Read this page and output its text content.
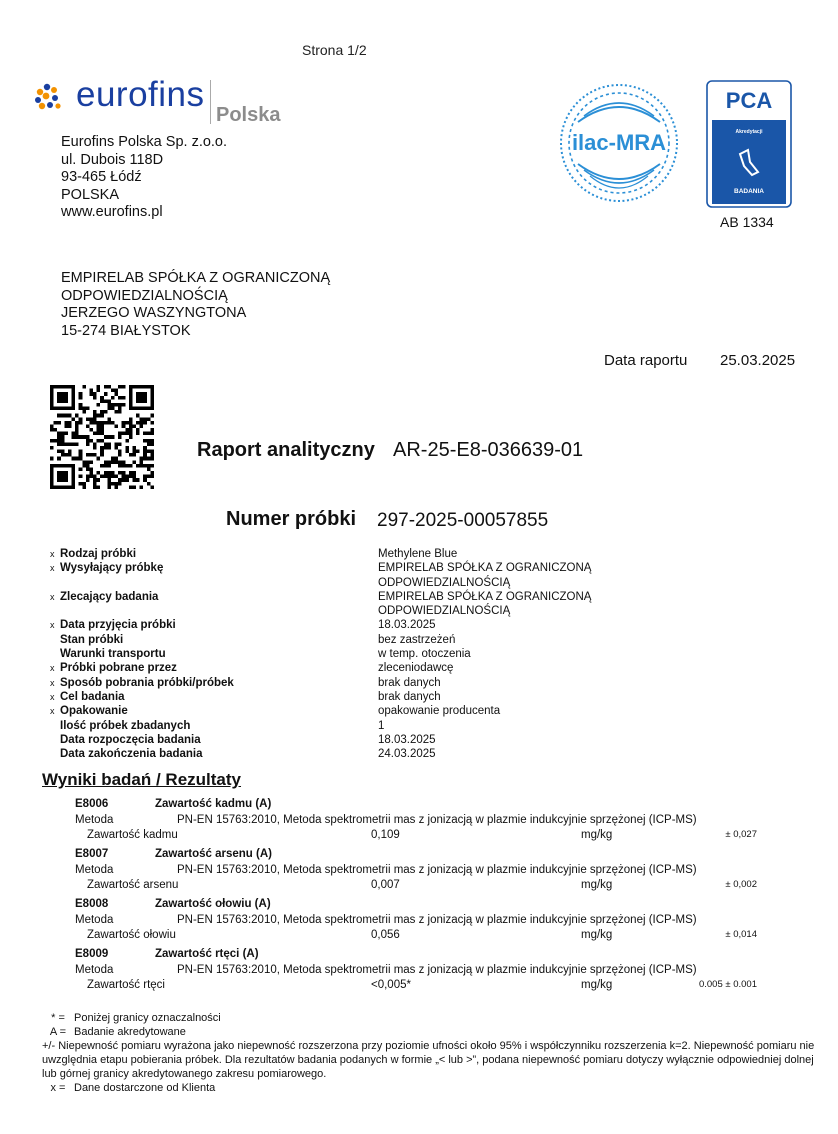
Strona 1/2
eurofins
Polska
Eurofins Polska Sp. z.o.o.
ul. Dubois 118D
93-465 Łódź
POLSKA
www.eurofins.pl
ilac-MRA
PCA
Polskie Centrum
Akredytacji
BADANIA
AB 1334
EMPIRELAB SPÓŁKA Z OGRANICZONĄ
ODPOWIEDZIALNOŚCIĄ
JERZEGO WASZYNGTONA
15-274 BIAŁYSTOK
Data raportu 25.03.2025
Raport analityczny AR-25-E8-036639-01
Numer próbki 297-2025-00057855
x Rodzaj próbki	Methylene Blue
x Wysyłający próbkę	EMPIRELAB SPÓŁKA Z OGRANICZONĄ
ODPOWIEDZIALNOŚCIĄ
x Zlecający badania	EMPIRELAB SPÓŁKA Z OGRANICZONĄ
ODPOWIEDZIALNOŚCIĄ
x Data przyjęcia próbki	18.03.2025
Stan próbki	bez zastrzeżeń
Warunki transportu	w temp. otoczenia
x Próbki pobrane przez	zleceniodawcę
x Sposób pobrania próbki/próbek	brak danych
x Cel badania	brak danych
x Opakowanie	opakowanie producenta
Ilość próbek zbadanych	1
Data rozpoczęcia badania	18.03.2025
Data zakończenia badania	24.03.2025
Wyniki badań / Rezultaty
E8006	Zawartość kadmu (A)
Metoda	PN-EN 15763:2010, Metoda spektrometrii mas z jonizacją w plazmie indukcyjnie sprzężonej (ICP-MS)
Zawartość kadmu	0,109	mg/kg	± 0,027
E8007	Zawartość arsenu (A)
Metoda	PN-EN 15763:2010, Metoda spektrometrii mas z jonizacją w plazmie indukcyjnie sprzężonej (ICP-MS)
Zawartość arsenu	0,007	mg/kg	± 0,002
E8008	Zawartość ołowiu (A)
Metoda	PN-EN 15763:2010, Metoda spektrometrii mas z jonizacją w plazmie indukcyjnie sprzężonej (ICP-MS)
Zawartość ołowiu	0,056	mg/kg	± 0,014
E8009	Zawartość rtęci (A)
Metoda	PN-EN 15763:2010, Metoda spektrometrii mas z jonizacją w plazmie indukcyjnie sprzężonej (ICP-MS)
Zawartość rtęci	<0,005*	mg/kg	0.005 ± 0.001
* = Poniżej granicy oznaczalności
A = Badanie akredytowane
+/- Niepewność pomiaru wyrażona jako niepewność rozszerzona przy poziomie ufności około 95% i współczynniku rozszerzenia k=2. Niepewność pomiaru nie uwzględnia etapu pobierania próbek. Dla rezultatów badania podanych w formie „< lub >”, podana niepewność pomiaru dotyczy wyłącznie odpowiedniej dolnej lub górnej granicy akredytowanego zakresu pomiarowego.
x = Dane dostarczone od Klienta
